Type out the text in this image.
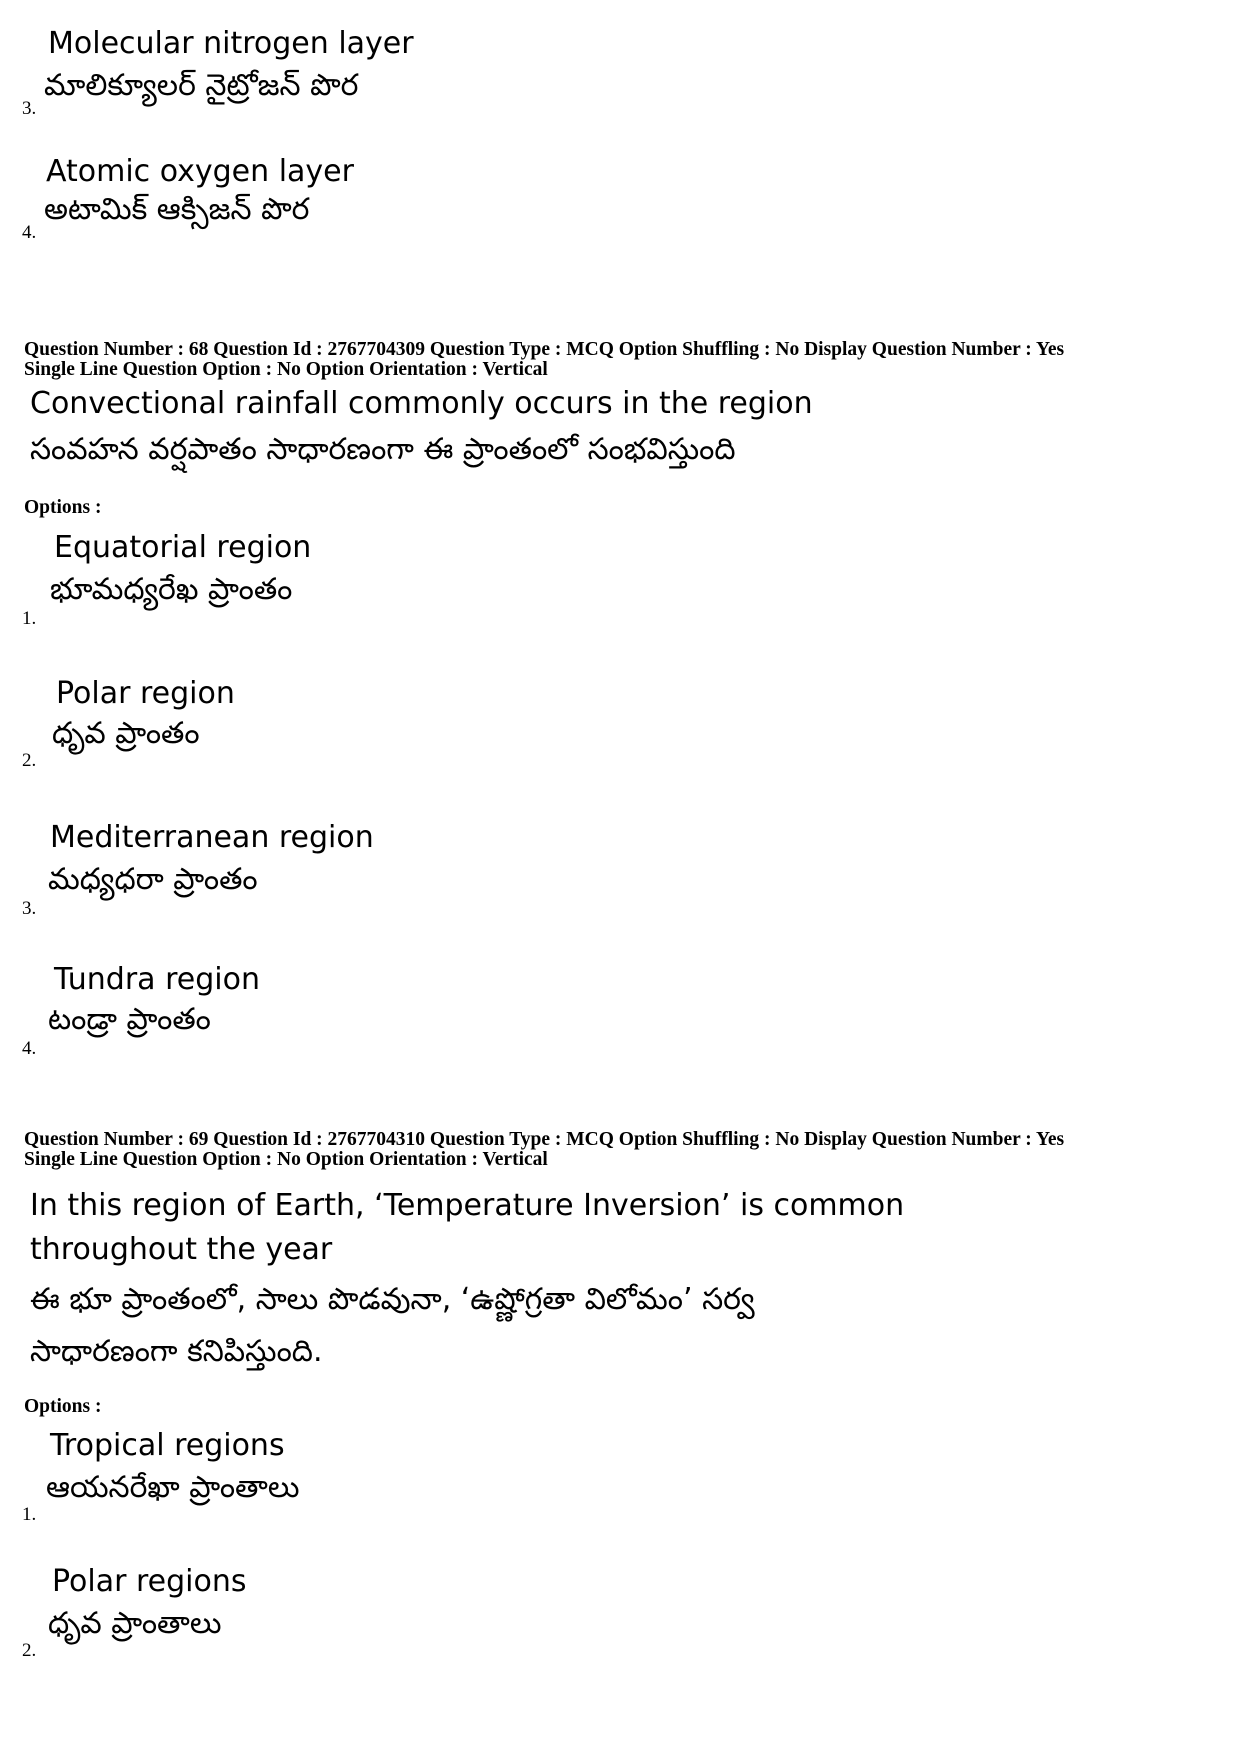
Molecular nitrogen layer
మాలిక్యూలర్ నైట్రోజన్ పొర
3.
Atomic oxygen layer
అటామిక్ ఆక్సిజన్ పొర
4.
Question Number : 68 Question Id : 2767704309 Question Type : MCQ Option Shuffling : No Display Question Number : Yes
Single Line Question Option : No Option Orientation : Vertical
Convectional rainfall commonly occurs in the region
సంవహన వర్షపాతం సాధారణంగా ఈ ప్రాంతంలో సంభవిస్తుంది
Options :
Equatorial region
భూమధ్యరేఖ ప్రాంతం
1.
Polar region
ధృవ ప్రాంతం
2.
Mediterranean region
మధ్యధరా ప్రాంతం
3.
Tundra region
టండ్రా ప్రాంతం
4.
Question Number : 69 Question Id : 2767704310 Question Type : MCQ Option Shuffling : No Display Question Number : Yes
Single Line Question Option : No Option Orientation : Vertical
In this region of Earth, ‘Temperature Inversion’ is common
throughout the year
ఈ భూ ప్రాంతంలో, సాలు పొడవునా, ‘ఉష్ణోగ్రతా విలోమం’ సర్వ
సాధారణంగా కనిపిస్తుంది.
Options :
Tropical regions
ఆయనరేఖా ప్రాంతాలు
1.
Polar regions
ధృవ ప్రాంతాలు
2.
